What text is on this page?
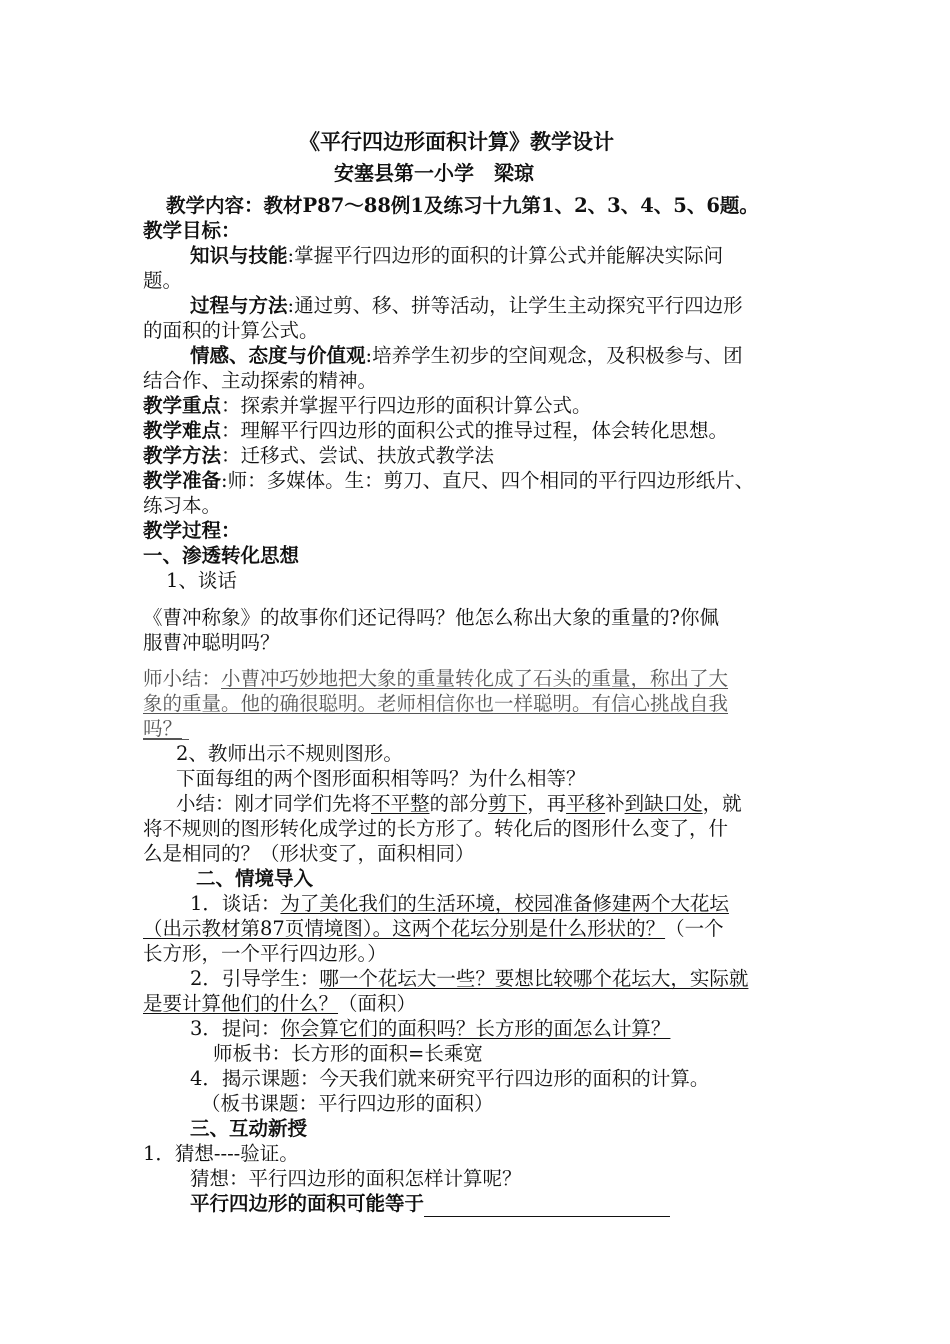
《平行四边形面积计算》教学设计
安塞县第一小学　梁琼
教学内容：教材P87～88例1及练习十九第1、2、3、4、5、6题。
教学目标：
知识与技能:掌握平行四边形的面积的计算公式并能解决实际问
题。
过程与方法:通过剪、移、拼等活动，让学生主动探究平行四边形
的面积的计算公式。
情感、态度与价值观:培养学生初步的空间观念，及积极参与、团
结合作、主动探索的精神。
教学重点：探索并掌握平行四边形的面积计算公式。
教学难点：理解平行四边形的面积公式的推导过程，体会转化思想。
教学方法：迁移式、尝试、扶放式教学法
教学准备:师：多媒体。生：剪刀、直尺、四个相同的平行四边形纸片、
练习本。
教学过程：
一、渗透转化思想
1、谈话
《曹冲称象》的故事你们还记得吗？他怎么称出大象的重量的?你佩
服曹冲聪明吗？
师小结：小曹冲巧妙地把大象的重量转化成了石头的重量，称出了大
象的重量。他的确很聪明。老师相信你也一样聪明。有信心挑战自我
吗？
2、教师出示不规则图形。
下面每组的两个图形面积相等吗？为什么相等？
小结：刚才同学们先将不平整的部分剪下，再平移补到缺口处，就
将不规则的图形转化成学过的长方形了。转化后的图形什么变了，什
么是相同的？（形状变了，面积相同）
二、情境导入
1．谈话：为了美化我们的生活环境，校园准备修建两个大花坛
（出示教材第87页情境图）。这两个花坛分别是什么形状的？（一个
长方形，一个平行四边形。）
2．引导学生：哪一个花坛大一些？要想比较哪个花坛大，实际就
是要计算他们的什么？（面积）
3．提问：你会算它们的面积吗？长方形的面怎么计算？
师板书：长方形的面积=长乘宽
4．揭示课题：今天我们就来研究平行四边形的面积的计算。
（板书课题：平行四边形的面积）
三、互动新授
1．猜想----验证。
猜想：平行四边形的面积怎样计算呢？
平行四边形的面积可能等于
